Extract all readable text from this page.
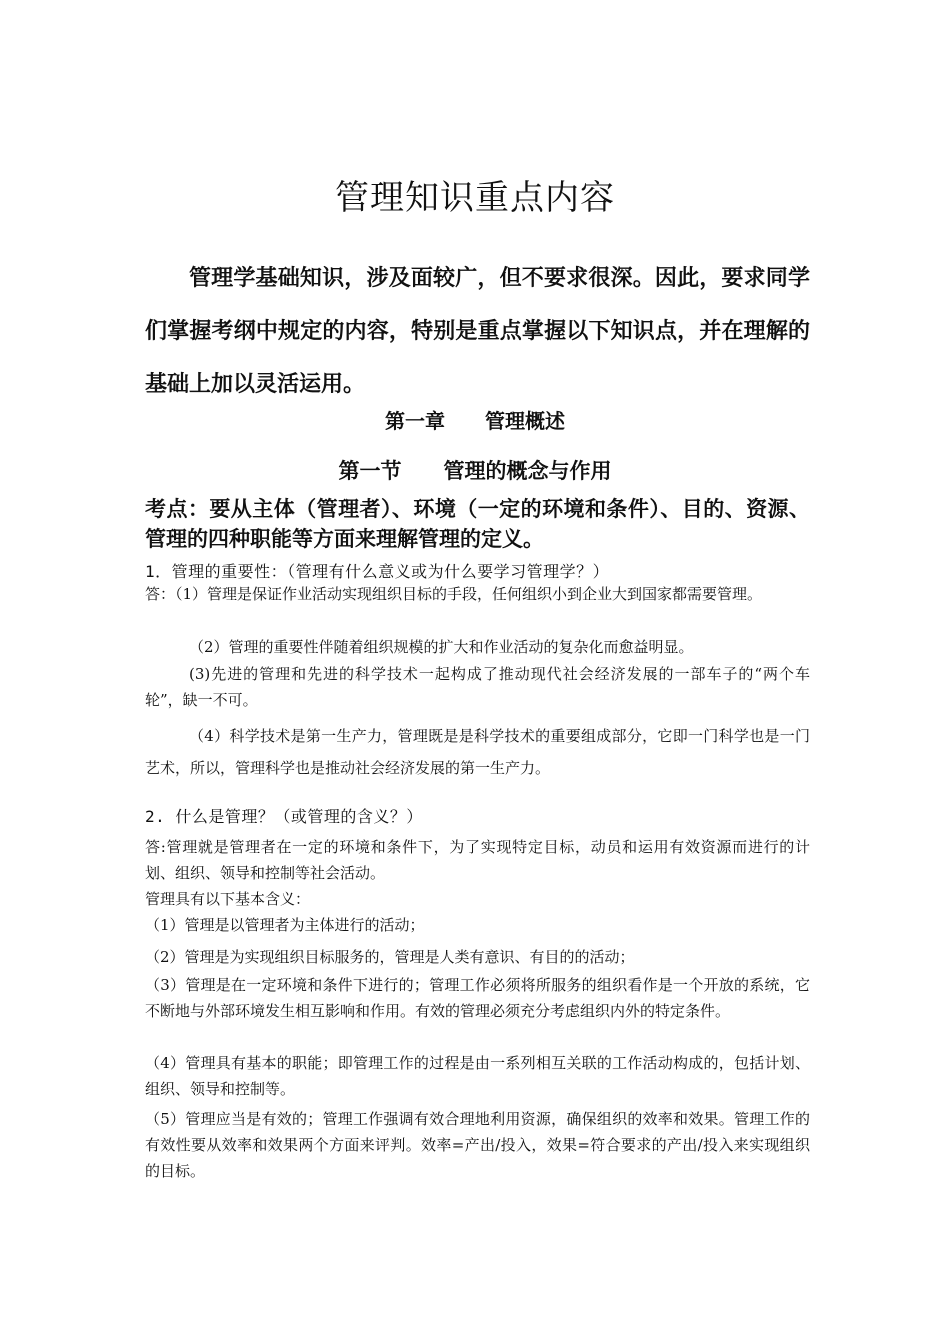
管理知识重点内容
管理学基础知识，涉及面较广，但不要求很深。因此，要求同学们掌握考纲中规定的内容，特别是重点掌握以下知识点，并在理解的基础上加以灵活运用。
第一章　　管理概述
第一节　　管理的概念与作用
考点：要从主体（管理者）、环境（一定的环境和条件）、目的、资源、管理的四种职能等方面来理解管理的定义。
1．管理的重要性：（管理有什么意义或为什么要学习管理学？）
答：（1）管理是保证作业活动实现组织目标的手段，任何组织小到企业大到国家都需要管理。
（2）管理的重要性伴随着组织规模的扩大和作业活动的复杂化而愈益明显。
(3)先进的管理和先进的科学技术一起构成了推动现代社会经济发展的一部车子的“两个车轮”，缺一不可。
（4）科学技术是第一生产力，管理既是是科学技术的重要组成部分，它即一门科学也是一门艺术，所以，管理科学也是推动社会经济发展的第一生产力。
2. 什么是管理？（或管理的含义？）
答:管理就是管理者在一定的环境和条件下，为了实现特定目标，动员和运用有效资源而进行的计划、组织、领导和控制等社会活动。
管理具有以下基本含义：
（1）管理是以管理者为主体进行的活动；
（2）管理是为实现组织目标服务的，管理是人类有意识、有目的的活动；
（3）管理是在一定环境和条件下进行的；管理工作必须将所服务的组织看作是一个开放的系统，它不断地与外部环境发生相互影响和作用。有效的管理必须充分考虑组织内外的特定条件。
（4）管理具有基本的职能；即管理工作的过程是由一系列相互关联的工作活动构成的，包括计划、组织、领导和控制等。
（5）管理应当是有效的；管理工作强调有效合理地利用资源，确保组织的效率和效果。管理工作的有效性要从效率和效果两个方面来评判。效率=产出/投入，效果=符合要求的产出/投入来实现组织的目标。
